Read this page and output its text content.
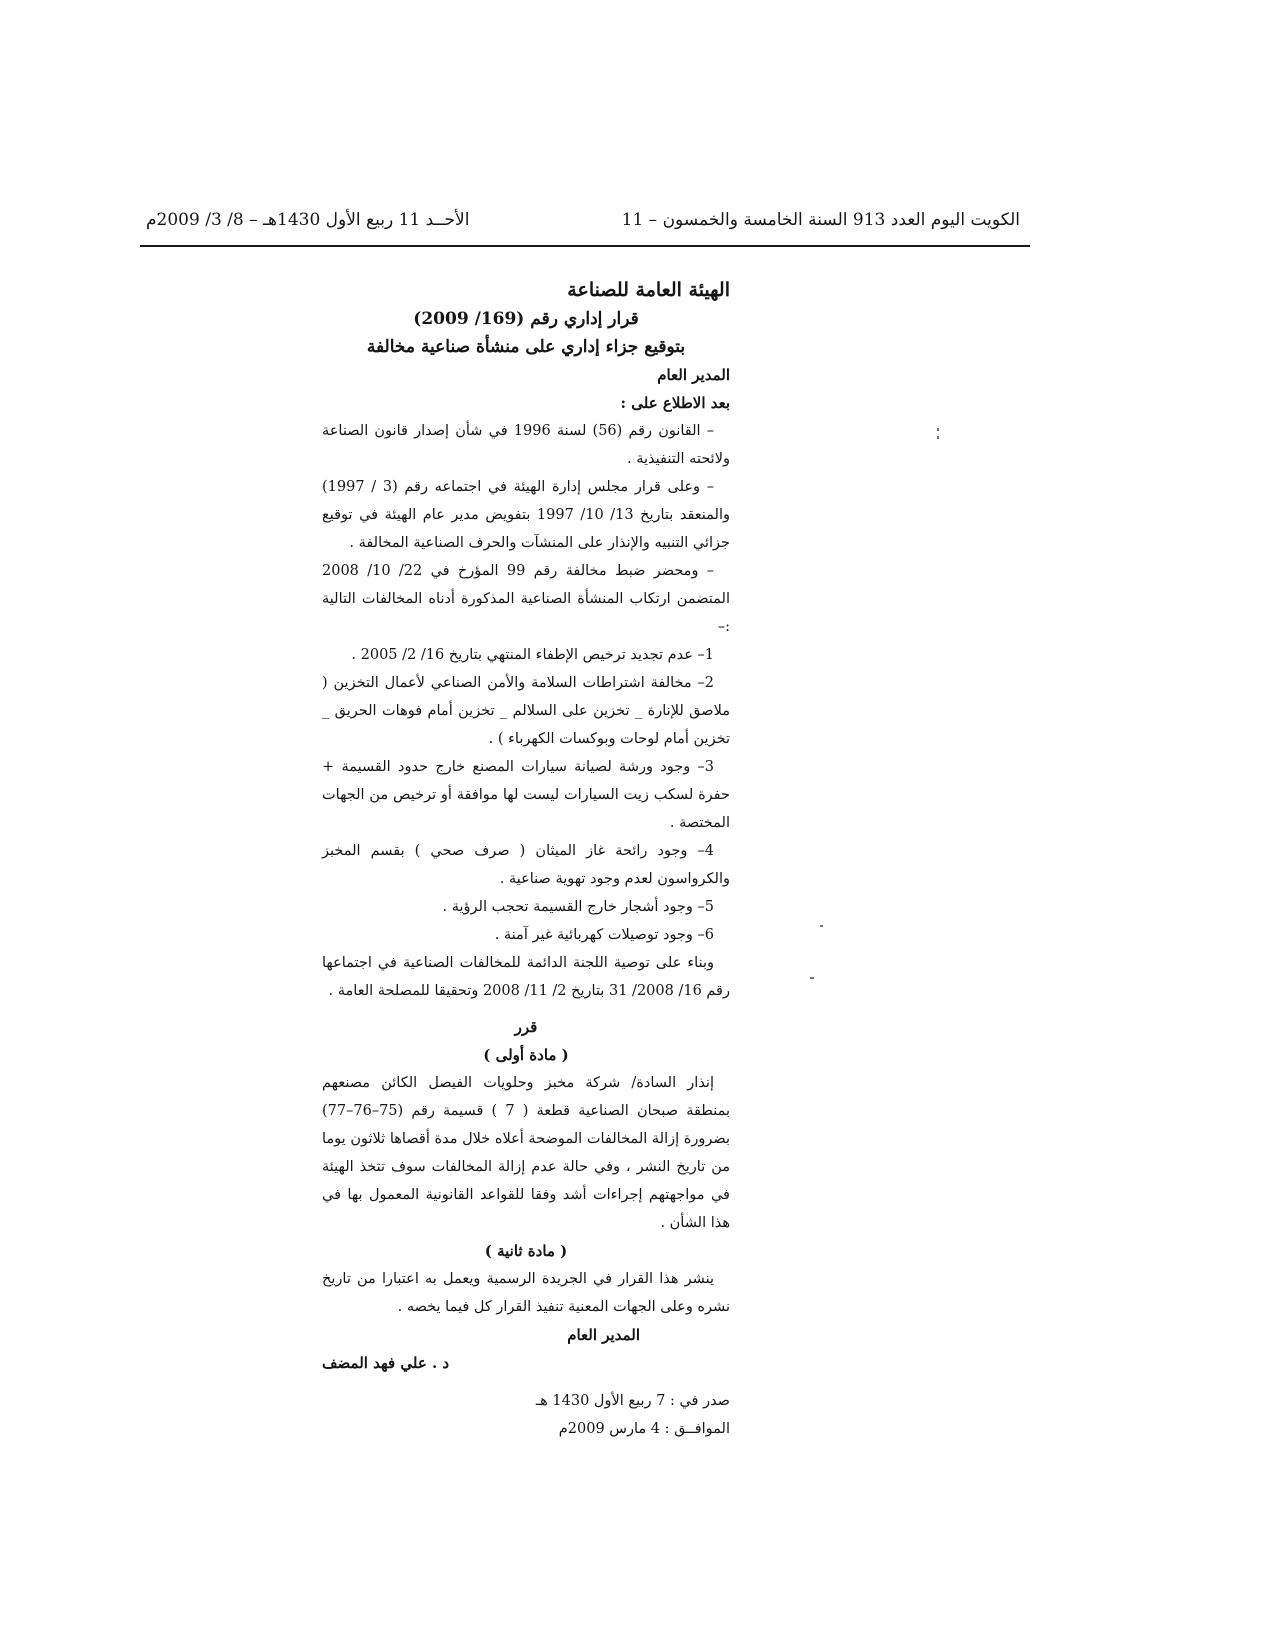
الكويت اليوم العدد 913 السنة الخامسة والخمسون – 11
الأحــد 11 ربيع الأول 1430هـ – 8/ 3/ 2009م

الهيئة العامة للصناعة

قرار إداري رقم (169/ 2009)

بتوقيع جزاء إداري على منشأة صناعية مخالفة

المدير العام

بعد الاطلاع على :

– القانون رقم (56) لسنة 1996 في شأن إصدار قانون الصناعة ولائحته التنفيذية .

– وعلى قرار مجلس إدارة الهيئة في اجتماعه رقم (3 / 1997) والمنعقد بتاريخ 13/ 10/ 1997 بتفويض مدير عام الهيئة في توقيع جزائي التنبيه والإنذار على المنشآت والحرف الصناعية المخالفة .

– ومحضر ضبط مخالفة رقم 99 المؤرخ في 22/ 10/ 2008 المتضمن ارتكاب المنشأة الصناعية المذكورة أدناه المخالفات التالية :–

1– عدم تجديد ترخيص الإطفاء المنتهي بتاريخ 16/ 2/ 2005 .

2– مخالفة اشتراطات السلامة والأمن الصناعي لأعمال التخزين ( ملاصق للإنارة _ تخزين على السلالم _ تخزين أمام فوهات الحريق _ تخزين أمام لوحات وبوكسات الكهرباء ) .

3– وجود ورشة لصيانة سيارات المصنع خارج حدود القسيمة + حفرة لسكب زيت السيارات ليست لها موافقة أو ترخيص من الجهات المختصة .

4– وجود رائحة غاز الميثان ( صرف صحي ) بقسم المخبز والكرواسون لعدم وجود تهوية صناعية .

5– وجود أشجار خارج القسيمة تحجب الرؤية .

6– وجود توصيلات كهربائية غير آمنة .

وبناء على توصية اللجنة الدائمة للمخالفات الصناعية في اجتماعها رقم 16/ 2008/ 31 بتاريخ 2/ 11/ 2008 وتحقيقا للمصلحة العامة .

قرر

( مادة أولى )

إنذار السادة/ شركة مخبز وحلويات الفيصل الكائن مصنعهم بمنطقة صبحان الصناعية قطعة ( 7 ) قسيمة رقم (75–76–77) بضرورة إزالة المخالفات الموضحة أعلاه خلال مدة أقصاها ثلاثون يوما من تاريخ النشر ، وفي حالة عدم إزالة المخالفات سوف تتخذ الهيئة في مواجهتهم إجراءات أشد وفقا للقواعد القانونية المعمول بها في هذا الشأن .

( مادة ثانية )

ينشر هذا القرار في الجريدة الرسمية ويعمل به اعتبارا من تاريخ نشره وعلى الجهات المعنية تنفيذ القرار كل فيما يخصه .

المدير العام

د . علي فهد المضف

صدر في : 7 ربيع الأول 1430 هـ

الموافــق : 4 مارس 2009م
